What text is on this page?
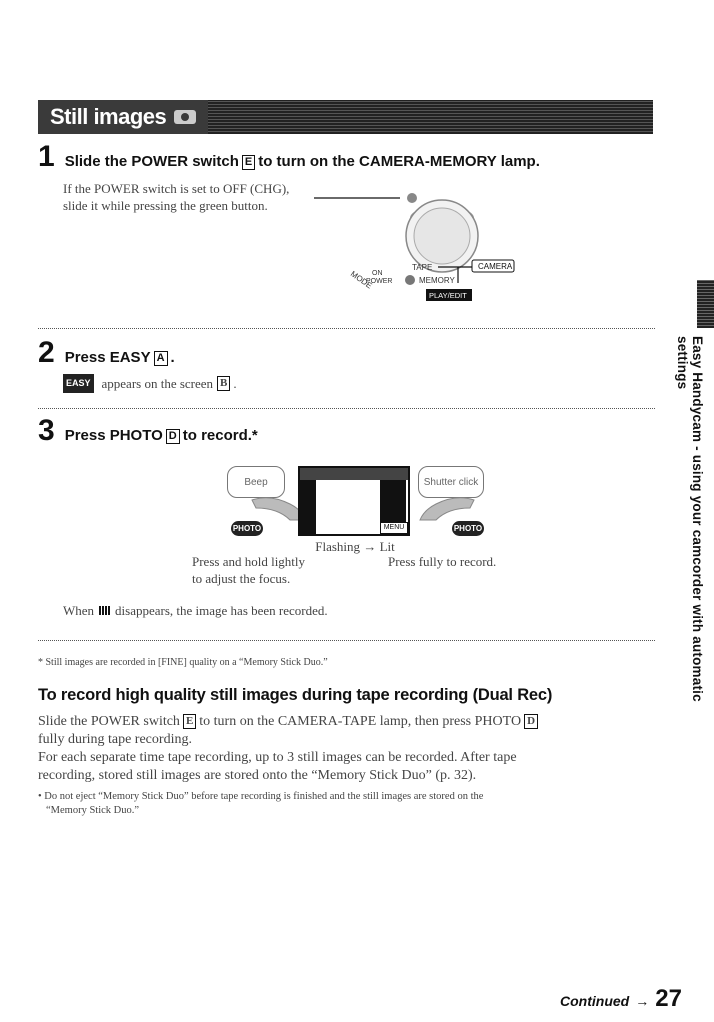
Still images
1 Slide the POWER switch E to turn on the CAMERA-MEMORY lamp.
If the POWER switch is set to OFF (CHG),
slide it while pressing the green button.
MODE
ON
POWER
TAPE	CAMERA
MEMORY
PLAY/EDIT
2 Press EASY A .
EASY appears on the screen B .
3 Press PHOTO D to record.*
Beep
PHOTO	MENU
Shutter click
PHOTO
Flashing → Lit
Press and hold lightly
to adjust the focus.
Press fully to record.
When disappears, the image has been recorded.
* Still images are recorded in [FINE] quality on a “Memory Stick Duo.”
To record high quality still images during tape recording (Dual Rec)
Slide the POWER switch E to turn on the CAMERA-TAPE lamp, then press PHOTO D
fully during tape recording.
For each separate time tape recording, up to 3 still images can be recorded. After tape
recording, stored still images are stored onto the “Memory Stick Duo” (p. 32).
• Do not eject “Memory Stick Duo” before tape recording is finished and the still images are stored on the
“Memory Stick Duo.”
Easy Handycam - using your camcorder with automatic settings
Continued → 27
